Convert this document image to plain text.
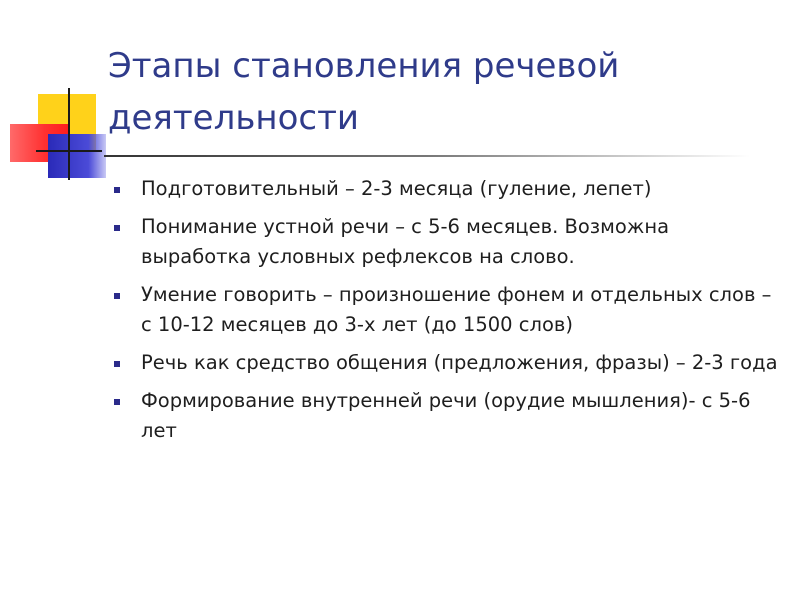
Этапы становления речевой деятельности
Подготовительный – 2-3 месяца (гуление, лепет)
Понимание устной речи – с 5-6 месяцев. Возможна выработка условных рефлексов на слово.
Умение говорить – произношение фонем и отдельных слов – с 10-12 месяцев до 3-х лет (до 1500 слов)
Речь как средство общения (предложения, фразы) – 2-3 года
Формирование внутренней речи (орудие мышления)- с 5-6 лет
